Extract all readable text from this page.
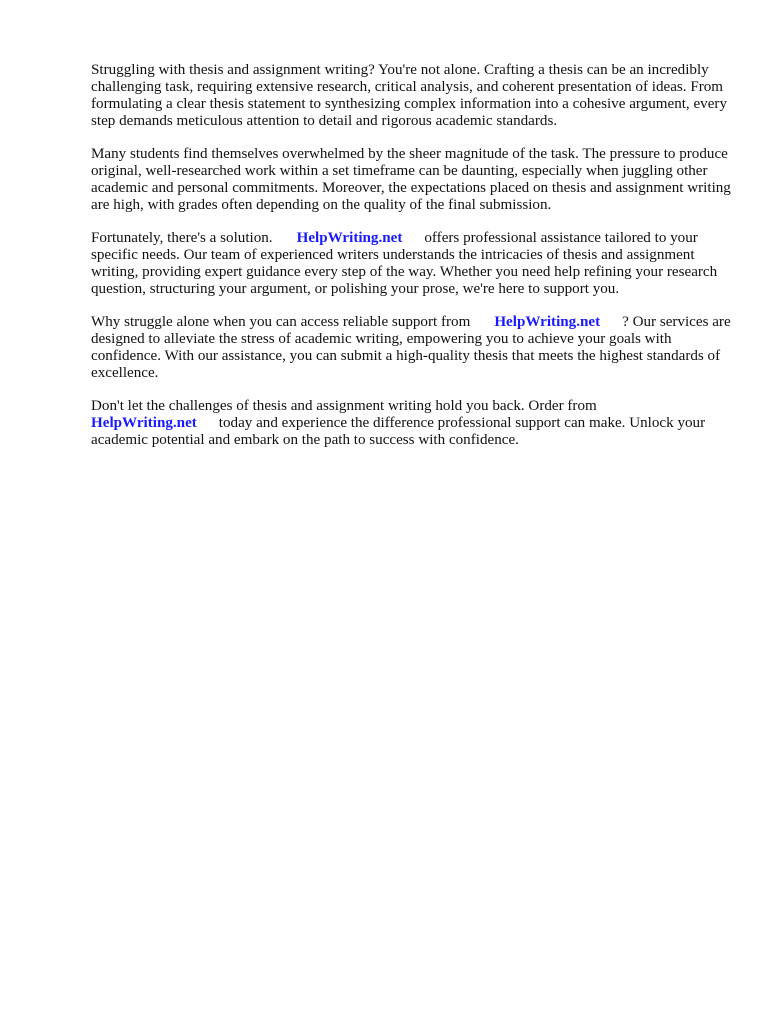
Struggling with thesis and assignment writing? You're not alone. Crafting a thesis can be an incredibly challenging task, requiring extensive research, critical analysis, and coherent presentation of ideas. From formulating a clear thesis statement to synthesizing complex information into a cohesive argument, every step demands meticulous attention to detail and rigorous academic standards.

Many students find themselves overwhelmed by the sheer magnitude of the task. The pressure to produce original, well-researched work within a set timeframe can be daunting, especially when juggling other academic and personal commitments. Moreover, the expectations placed on thesis and assignment writing are high, with grades often depending on the quality of the final submission.

Fortunately, there's a solution. HelpWriting.net offers professional assistance tailored to your specific needs. Our team of experienced writers understands the intricacies of thesis and assignment writing, providing expert guidance every step of the way. Whether you need help refining your research question, structuring your argument, or polishing your prose, we're here to support you.

Why struggle alone when you can access reliable support from HelpWriting.net ? Our services are designed to alleviate the stress of academic writing, empowering you to achieve your goals with confidence. With our assistance, you can submit a high-quality thesis that meets the highest standards of excellence.

Don't let the challenges of thesis and assignment writing hold you back. Order from HelpWriting.net today and experience the difference professional support can make. Unlock your academic potential and embark on the path to success with confidence.
